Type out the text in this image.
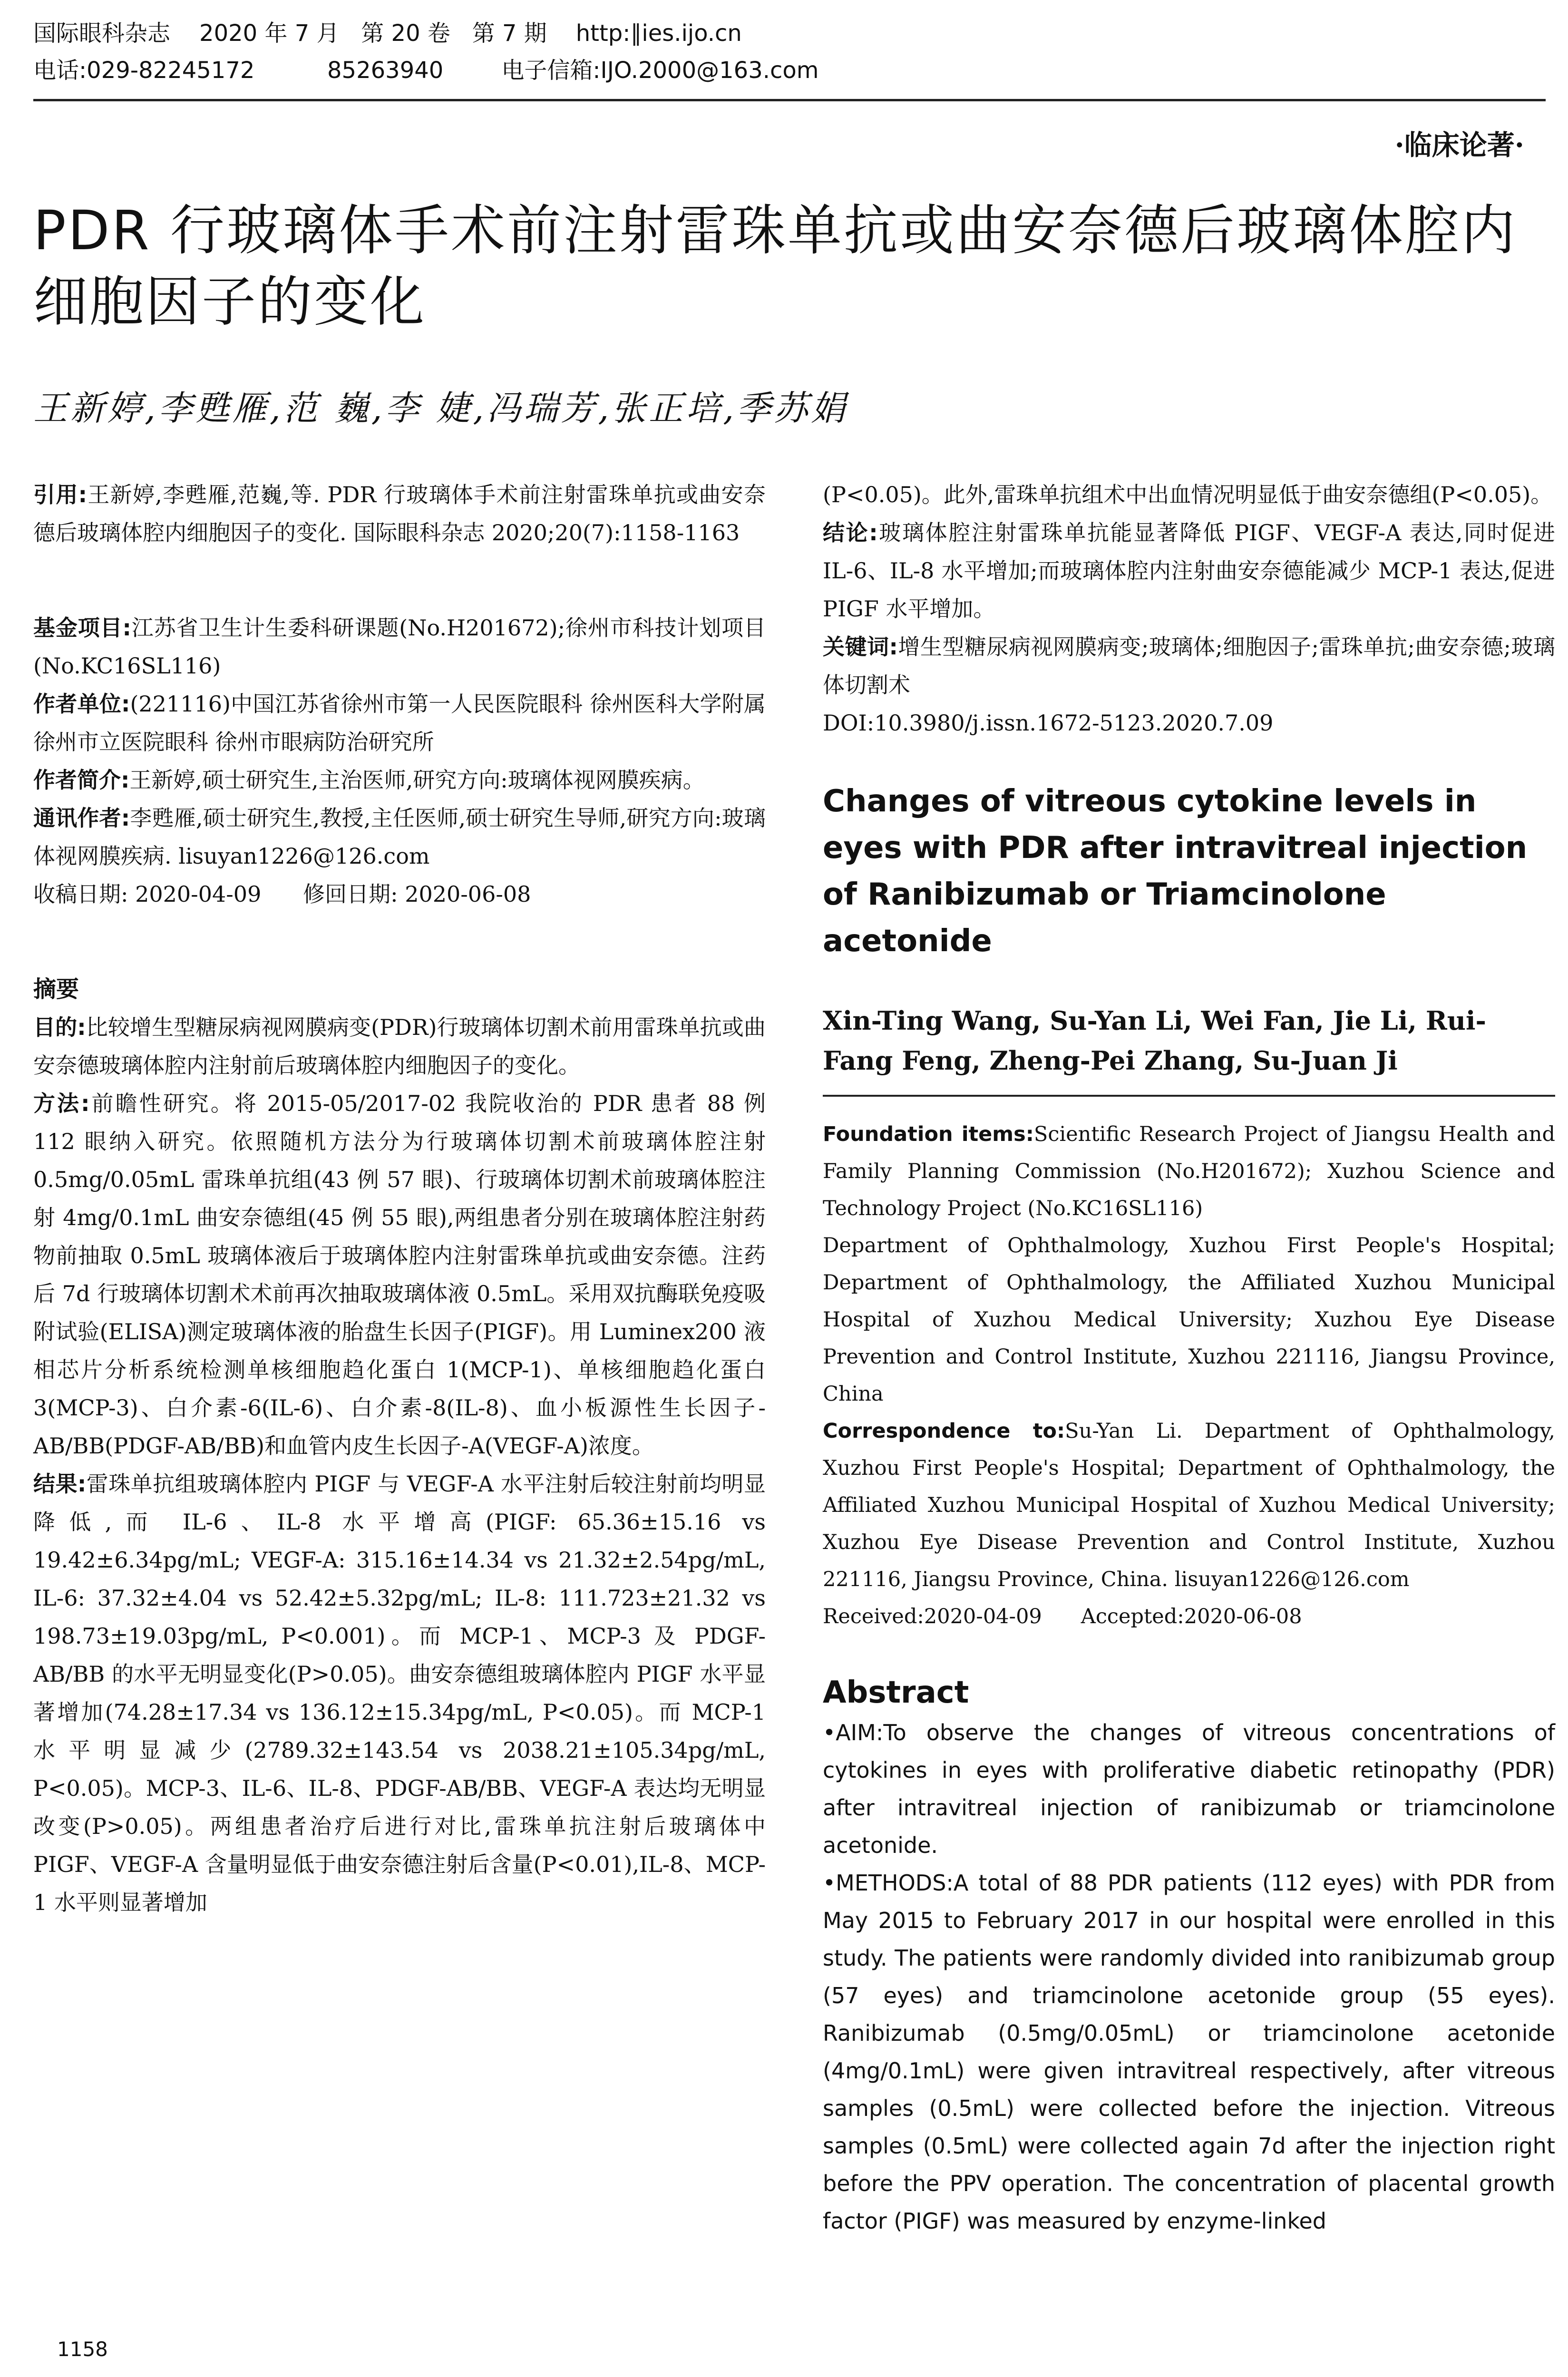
国际眼科杂志    2020 年 7 月   第 20 卷   第 7 期    http:∥ies.ijo.cn
电话:029-82245172          85263940        电子信箱:IJO.2000@163.com
·临床论著·
PDR 行玻璃体手术前注射雷珠单抗或曲安奈德后玻璃体腔内细胞因子的变化
王新婷,李甦雁,范 巍,李 婕,冯瑞芳,张正培,季苏娟

引用:王新婷,李甦雁,范巍,等. PDR 行玻璃体手术前注射雷珠单抗或曲安奈德后玻璃体腔内细胞因子的变化. 国际眼科杂志 2020;20(7):1158-1163

基金项目:江苏省卫生计生委科研课题(No.H201672);徐州市科技计划项目(No.KC16SL116)

作者单位:(221116)中国江苏省徐州市第一人民医院眼科 徐州医科大学附属徐州市立医院眼科 徐州市眼病防治研究所

作者简介:王新婷,硕士研究生,主治医师,研究方向:玻璃体视网膜疾病。

通讯作者:李甦雁,硕士研究生,教授,主任医师,硕士研究生导师,研究方向:玻璃体视网膜疾病. lisuyan1226@126.com

收稿日期: 2020-04-09      修回日期: 2020-06-08

摘要

目的:比较增生型糖尿病视网膜病变(PDR)行玻璃体切割术前用雷珠单抗或曲安奈德玻璃体腔内注射前后玻璃体腔内细胞因子的变化。

方法:前瞻性研究。将 2015-05/2017-02 我院收治的 PDR 患者 88 例 112 眼纳入研究。依照随机方法分为行玻璃体切割术前玻璃体腔注射 0.5mg/0.05mL 雷珠单抗组(43 例 57 眼)、行玻璃体切割术前玻璃体腔注射 4mg/0.1mL 曲安奈德组(45 例 55 眼),两组患者分别在玻璃体腔注射药物前抽取 0.5mL 玻璃体液后于玻璃体腔内注射雷珠单抗或曲安奈德。注药后 7d 行玻璃体切割术术前再次抽取玻璃体液 0.5mL。采用双抗酶联免疫吸附试验(ELISA)测定玻璃体液的胎盘生长因子(PIGF)。用 Luminex200 液相芯片分析系统检测单核细胞趋化蛋白 1(MCP-1)、单核细胞趋化蛋白 3(MCP-3)、白介素-6(IL-6)、白介素-8(IL-8)、血小板源性生长因子-AB/BB(PDGF-AB/BB)和血管内皮生长因子-A(VEGF-A)浓度。

结果:雷珠单抗组玻璃体腔内 PIGF 与 VEGF-A 水平注射后较注射前均明显降低,而 IL-6、IL-8 水平增高(PIGF: 65.36±15.16 vs 19.42±6.34pg/mL; VEGF-A: 315.16±14.34 vs 21.32±2.54pg/mL, IL-6: 37.32±4.04 vs 52.42±5.32pg/mL; IL-8: 111.723±21.32 vs 198.73±19.03pg/mL, P<0.001)。而 MCP-1、MCP-3 及 PDGF-AB/BB 的水平无明显变化(P>0.05)。曲安奈德组玻璃体腔内 PIGF 水平显著增加(74.28±17.34 vs 136.12±15.34pg/mL, P<0.05)。而 MCP-1 水平明显减少(2789.32±143.54 vs 2038.21±105.34pg/mL, P<0.05)。MCP-3、IL-6、IL-8、PDGF-AB/BB、VEGF-A 表达均无明显改变(P>0.05)。两组患者治疗后进行对比,雷珠单抗注射后玻璃体中 PIGF、VEGF-A 含量明显低于曲安奈德注射后含量(P<0.01),IL-8、MCP-1 水平则显著增加

(P<0.05)。此外,雷珠单抗组术中出血情况明显低于曲安奈德组(P<0.05)。

结论:玻璃体腔注射雷珠单抗能显著降低 PIGF、VEGF-A 表达,同时促进 IL-6、IL-8 水平增加;而玻璃体腔内注射曲安奈德能减少 MCP-1 表达,促进 PIGF 水平增加。

关键词:增生型糖尿病视网膜病变;玻璃体;细胞因子;雷珠单抗;曲安奈德;玻璃体切割术

DOI:10.3980/j.issn.1672-5123.2020.7.09

Changes of vitreous cytokine levels in eyes with PDR after intravitreal injection of Ranibizumab or Triamcinolone acetonide

Xin-Ting Wang, Su-Yan Li, Wei Fan, Jie Li, Rui-Fang Feng, Zheng-Pei Zhang, Su-Juan Ji

Foundation items:Scientific Research Project of Jiangsu Health and Family Planning Commission (No.H201672); Xuzhou Science and Technology Project (No.KC16SL116)

Department of Ophthalmology, Xuzhou First People's Hospital; Department of Ophthalmology, the Affiliated Xuzhou Municipal Hospital of Xuzhou Medical University; Xuzhou Eye Disease Prevention and Control Institute, Xuzhou 221116, Jiangsu Province, China

Correspondence to:Su-Yan Li. Department of Ophthalmology, Xuzhou First People's Hospital; Department of Ophthalmology, the Affiliated Xuzhou Municipal Hospital of Xuzhou Medical University; Xuzhou Eye Disease Prevention and Control Institute, Xuzhou 221116, Jiangsu Province, China. lisuyan1226@126.com

Received:2020-04-09      Accepted:2020-06-08

Abstract

•AIM:To observe the changes of vitreous concentrations of cytokines in eyes with proliferative diabetic retinopathy (PDR) after intravitreal injection of ranibizumab or triamcinolone acetonide.

•METHODS:A total of 88 PDR patients (112 eyes) with PDR from May 2015 to February 2017 in our hospital were enrolled in this study. The patients were randomly divided into ranibizumab group (57 eyes) and triamcinolone acetonide group (55 eyes). Ranibizumab (0.5mg/0.05mL) or triamcinolone acetonide (4mg/0.1mL) were given intravitreal respectively, after vitreous samples (0.5mL) were collected before the injection. Vitreous samples (0.5mL) were collected again 7d after the injection right before the PPV operation. The concentration of placental growth factor (PIGF) was measured by enzyme-linked

1158
